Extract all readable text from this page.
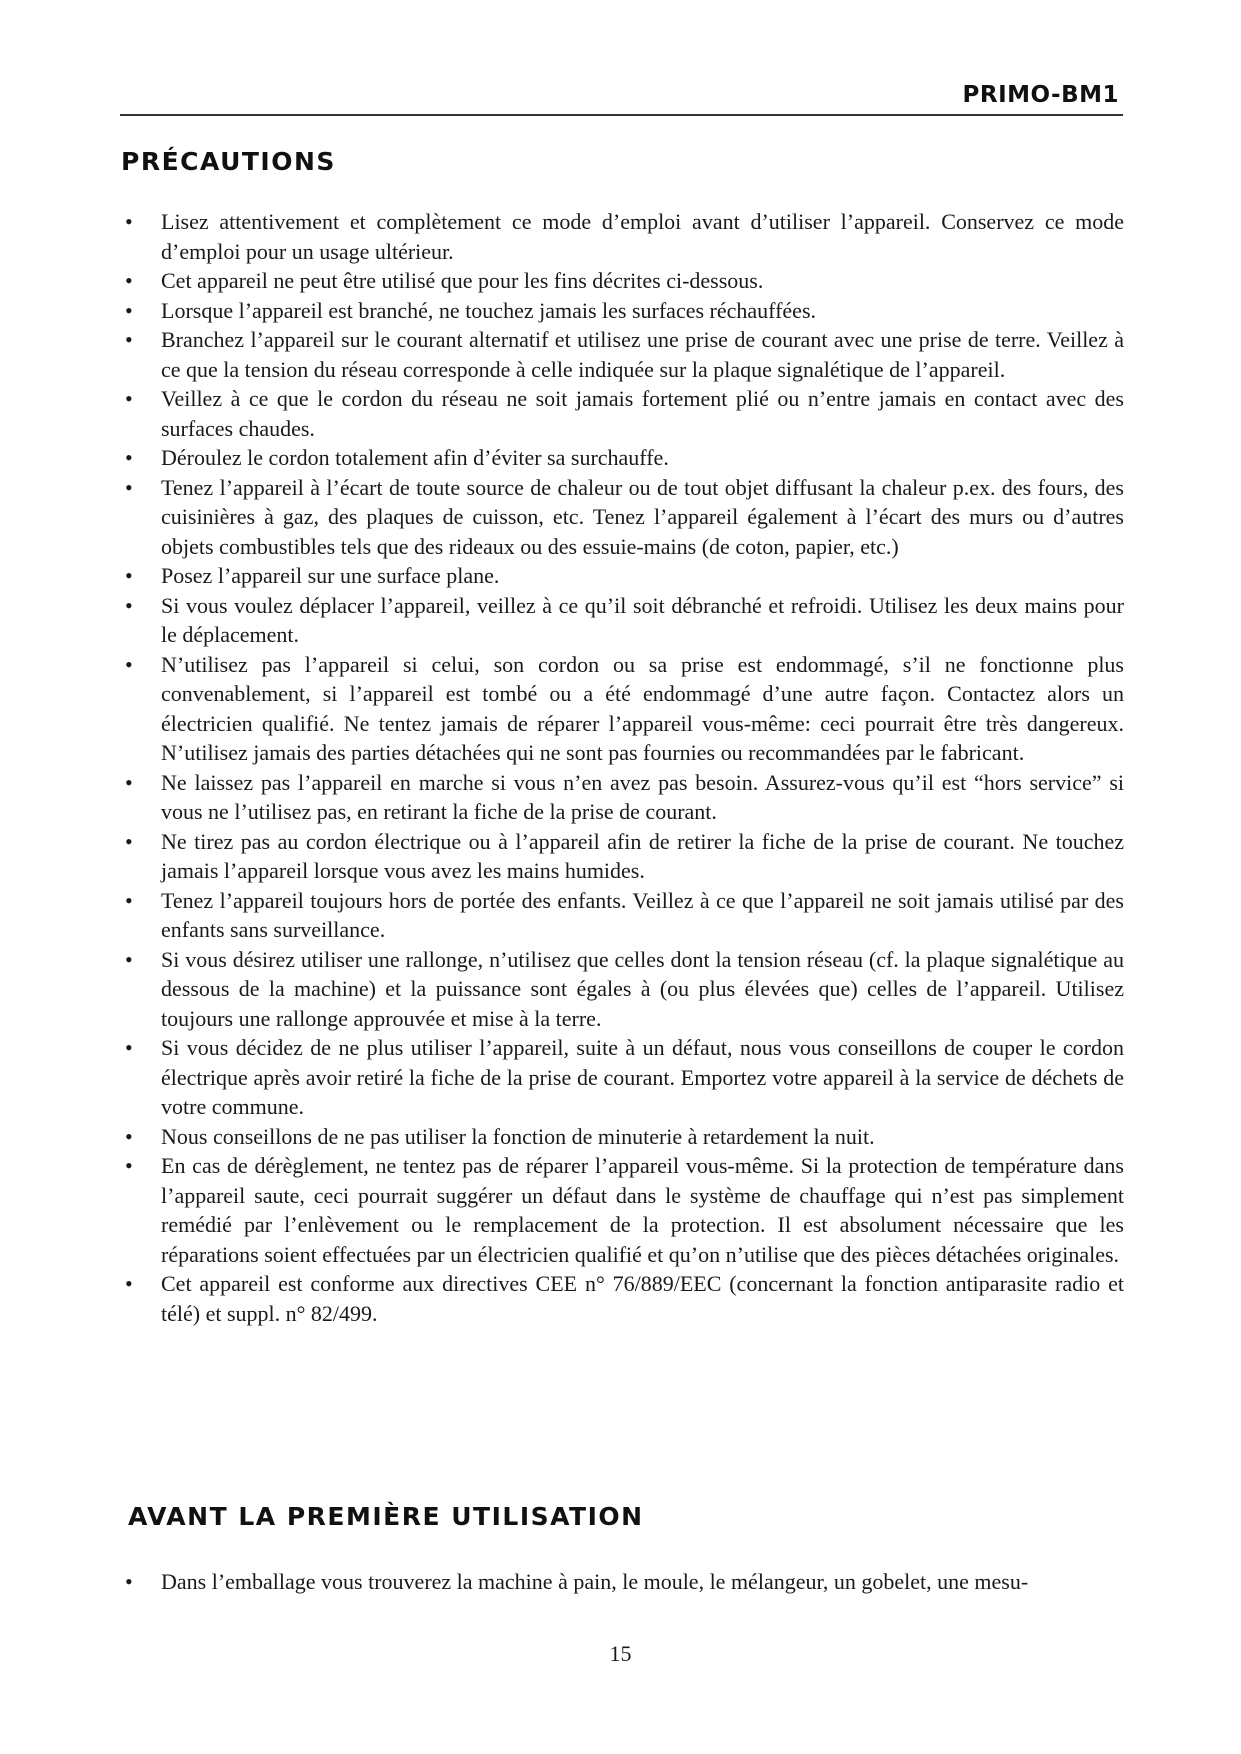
PRIMO-BM1
PRÉCAUTIONS
•	Lisez attentivement et complètement ce mode d’emploi avant d’utiliser l’appareil. Conservez ce mode d’emploi pour un usage ultérieur.
•	Cet appareil ne peut être utilisé que pour les fins décrites ci-dessous.
•	Lorsque l’appareil est branché, ne touchez jamais les surfaces réchauffées.
•	Branchez l’appareil sur le courant alternatif et utilisez une prise de courant avec une prise de terre. Veillez à ce que la tension du réseau corresponde à celle indiquée sur la plaque signalétique de l’appareil.
•	Veillez à ce que le cordon du réseau ne soit jamais fortement plié ou n’entre jamais en contact avec des surfaces chaudes.
•	Déroulez le cordon totalement afin d’éviter sa surchauffe.
•	Tenez l’appareil à l’écart de toute source de chaleur ou de tout objet diffusant la chaleur p.ex. des fours, des cuisinières à gaz, des plaques de cuisson, etc. Tenez l’appareil également à l’écart des murs ou d’autres objets combustibles tels que des rideaux ou des essuie-mains (de coton, papier, etc.)
•	Posez l’appareil sur une surface plane.
•	Si vous voulez déplacer l’appareil, veillez à ce qu’il soit débranché et refroidi. Utilisez les deux mains pour le déplacement.
•	N’utilisez pas l’appareil si celui, son cordon ou sa prise est endommagé, s’il ne fonctionne plus convenablement, si l’appareil est tombé ou a été endommagé d’une autre façon. Contactez alors un électricien qualifié. Ne tentez jamais de réparer l’appareil vous-même: ceci pourrait être très dangereux. N’utilisez jamais des parties détachées qui ne sont pas fournies ou recommandées par le fabricant.
•	Ne laissez pas l’appareil en marche si vous n’en avez pas besoin. Assurez-vous qu’il est “hors service” si vous ne l’utilisez pas, en retirant la fiche de la prise de courant.
•	Ne tirez pas au cordon électrique ou à l’appareil afin de retirer la fiche de la prise de courant. Ne touchez jamais l’appareil lorsque vous avez les mains humides.
•	Tenez l’appareil toujours hors de portée des enfants. Veillez à ce que l’appareil ne soit jamais utilisé par des enfants sans surveillance.
•	Si vous désirez utiliser une rallonge, n’utilisez que celles dont la tension réseau (cf. la plaque signalétique au dessous de la machine) et la puissance sont égales à (ou plus élevées que) celles de l’appareil. Utilisez toujours une rallonge approuvée et mise à la terre.
•	Si vous décidez de ne plus utiliser l’appareil, suite à un défaut, nous vous conseillons de couper le cordon électrique après avoir retiré la fiche de la prise de courant. Emportez votre appareil à la service de déchets de votre commune.
•	Nous conseillons de ne pas utiliser la fonction de minuterie à retardement la nuit.
•	En cas de dérèglement, ne tentez pas de réparer l’appareil vous-même. Si la protection de température dans l’appareil saute, ceci pourrait suggérer un défaut dans le système de chauffage qui n’est pas simplement remédié par l’enlèvement ou le remplacement de la protection. Il est absolument nécessaire que les réparations soient effectuées par un électricien qualifié et qu’on n’utilise que des pièces détachées originales.
•	Cet appareil est conforme aux directives CEE n° 76/889/EEC (concernant la fonction antiparasite radio et télé) et suppl. n° 82/499.
AVANT LA PREMIÈRE UTILISATION
•	Dans l’emballage vous trouverez la machine à pain, le moule, le mélangeur, un gobelet, une mesu-
15
